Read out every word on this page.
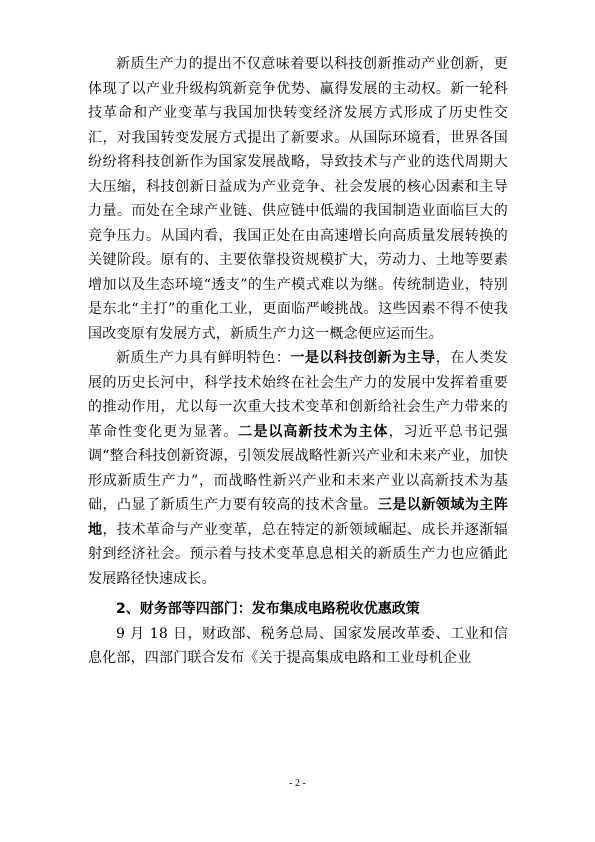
新质生产力的提出不仅意味着要以科技创新推动产业创新，更体现了以产业升级构筑新竞争优势、赢得发展的主动权。新一轮科技革命和产业变革与我国加快转变经济发展方式形成了历史性交汇，对我国转变发展方式提出了新要求。从国际环境看，世界各国纷纷将科技创新作为国家发展战略，导致技术与产业的迭代周期大大压缩，科技创新日益成为产业竞争、社会发展的核心因素和主导力量。而处在全球产业链、供应链中低端的我国制造业面临巨大的竞争压力。从国内看，我国正处在由高速增长向高质量发展转换的关键阶段。原有的、主要依靠投资规模扩大，劳动力、土地等要素增加以及生态环境“透支”的生产模式难以为继。传统制造业，特别是东北“主打”的重化工业，更面临严峻挑战。这些因素不得不使我国改变原有发展方式，新质生产力这一概念便应运而生。

新质生产力具有鲜明特色：一是以科技创新为主导，在人类发展的历史长河中，科学技术始终在社会生产力的发展中发挥着重要的推动作用，尤以每一次重大技术变革和创新给社会生产力带来的革命性变化更为显著。二是以高新技术为主体，习近平总书记强调“整合科技创新资源，引领发展战略性新兴产业和未来产业，加快形成新质生产力”，而战略性新兴产业和未来产业以高新技术为基础，凸显了新质生产力要有较高的技术含量。三是以新领域为主阵地，技术革命与产业变革，总在特定的新领域崛起、成长并逐渐辐射到经济社会。预示着与技术变革息息相关的新质生产力也应循此发展路径快速成长。

2、财务部等四部门：发布集成电路税收优惠政策

9 月 18 日，财政部、税务总局、国家发展改革委、工业和信息化部，四部门联合发布《关于提高集成电路和工业母机企业

- 2 -
